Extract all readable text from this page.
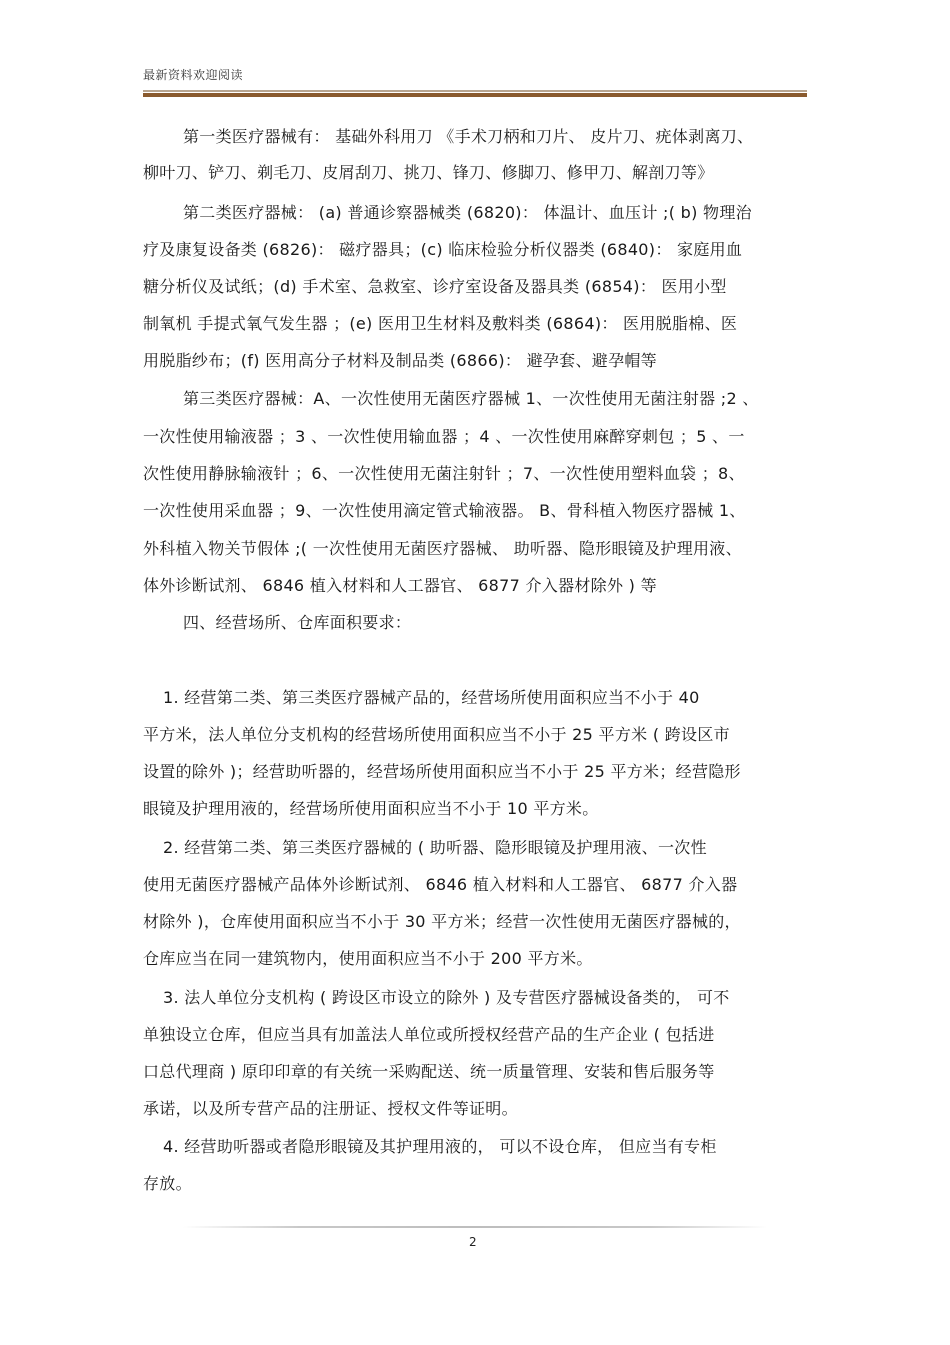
最新资料欢迎阅读
第一类医疗器械有： 基础外科用刀 《手术刀柄和刀片、 皮片刀、疣体剥离刀、
柳叶刀、铲刀、剃毛刀、皮屑刮刀、挑刀、锋刀、修脚刀、修甲刀、解剖刀等》
第二类医疗器械： (a) 普通诊察器械类 (6820)： 体温计、血压计 ;( b) 物理治
疗及康复设备类 (6826)： 磁疗器具；(c) 临床检验分析仪器类 (6840)： 家庭用血
糖分析仪及试纸；(d) 手术室、急救室、诊疗室设备及器具类 (6854)： 医用小型
制氧机 手提式氧气发生器 ；(e) 医用卫生材料及敷料类 (6864)： 医用脱脂棉、医
用脱脂纱布；(f) 医用高分子材料及制品类 (6866)： 避孕套、避孕帽等
第三类医疗器械：A、一次性使用无菌医疗器械 1、一次性使用无菌注射器 ;2 、
一次性使用输液器 ；3 、一次性使用输血器 ；4 、一次性使用麻醉穿刺包 ；5 、一
次性使用静脉输液针 ；6、一次性使用无菌注射针 ；7、一次性使用塑料血袋 ；8、
一次性使用采血器 ；9、一次性使用滴定管式输液器。 B、骨科植入物医疗器械 1、
外科植入物关节假体 ;( 一次性使用无菌医疗器械、 助听器、隐形眼镜及护理用液、
体外诊断试剂、 6846 植入材料和人工器官、 6877 介入器材除外 ) 等
四、经营场所、仓库面积要求：
1. 经营第二类、第三类医疗器械产品的，经营场所使用面积应当不小于 40
平方米，法人单位分支机构的经营场所使用面积应当不小于 25 平方米 ( 跨设区市
设置的除外 )；经营助听器的，经营场所使用面积应当不小于 25 平方米；经营隐形
眼镜及护理用液的，经营场所使用面积应当不小于 10 平方米。
2. 经营第二类、第三类医疗器械的 ( 助听器、隐形眼镜及护理用液、一次性
使用无菌医疗器械产品体外诊断试剂、 6846 植入材料和人工器官、 6877 介入器
材除外 )，仓库使用面积应当不小于 30 平方米；经营一次性使用无菌医疗器械的，
仓库应当在同一建筑物内，使用面积应当不小于 200 平方米。
3. 法人单位分支机构 ( 跨设区市设立的除外 ) 及专营医疗器械设备类的， 可不
单独设立仓库，但应当具有加盖法人单位或所授权经营产品的生产企业 ( 包括进
口总代理商 ) 原印印章的有关统一采购配送、统一质量管理、安装和售后服务等
承诺，以及所专营产品的注册证、授权文件等证明。
4. 经营助听器或者隐形眼镜及其护理用液的， 可以不设仓库， 但应当有专柜
存放。
2
